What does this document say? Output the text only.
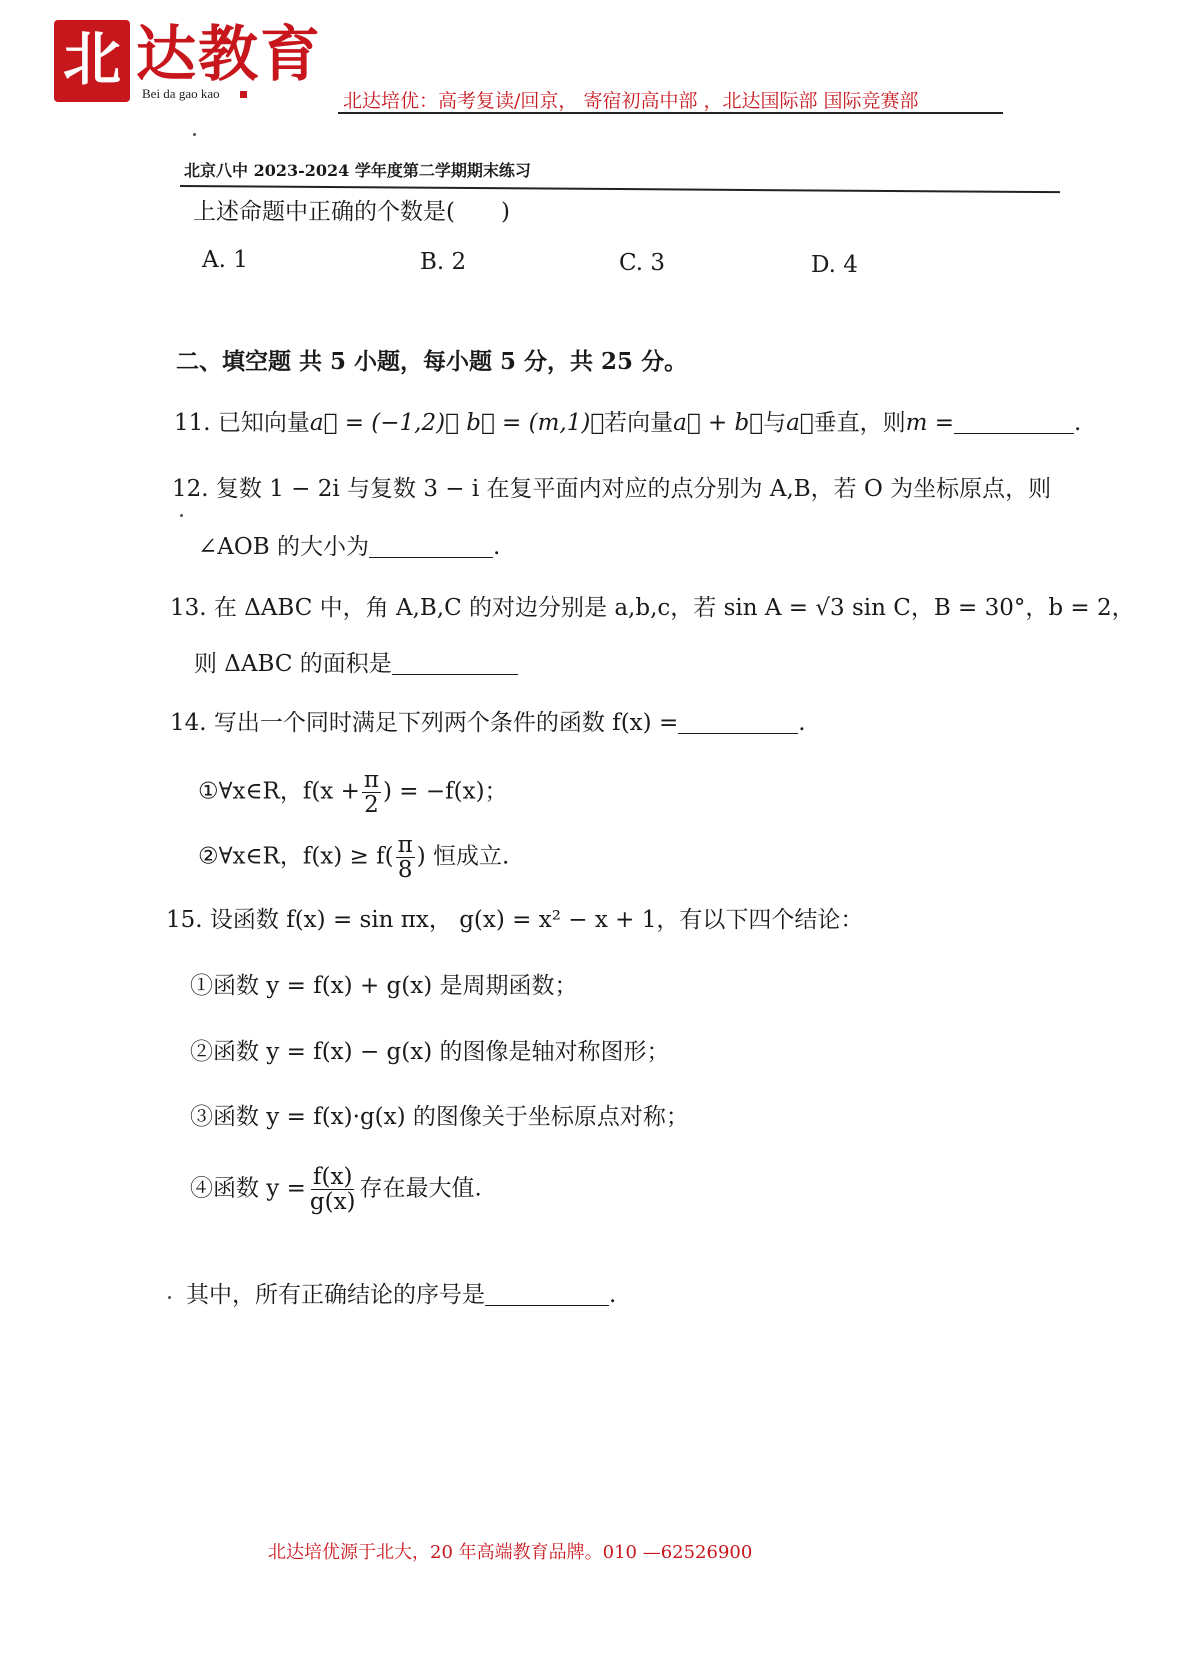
北 达教育
Bei da gao kao	北达培优：高考复读/回京， 寄宿初高中部 ，北达国际部 国际竞赛部
北京八中 2023-2024 学年度第二学期期末练习
上述命题中正确的个数是(　　)
A. 1	B. 2	C. 3	D. 4
二、填空题 共 5 小题，每小题 5 分，共 25 分。
11. 已知向量a⃗ = (−1,2)， b⃗ = (m,1)，若向量a⃗ + b⃗与a⃗垂直，则m =	.
12. 复数 1 − 2i 与复数 3 − i 在复平面内对应的点分别为 A,B，若 O 为坐标原点，则
∠AOB 的大小为	.
13. 在 ΔABC 中，角 A,B,C 的对边分别是 a,b,c，若 sin A = √3 sin C，B = 30°，b = 2，
则 ΔABC 的面积是
14. 写出一个同时满足下列两个条件的函数 f(x) =	.
①∀x∈R，$f(x + \frac{\pi}{2}$ ) = −f(x)；
②∀x∈R，$f(x) \ge f( \frac{\pi}{8}$ ) 恒成立.
15. 设函数 f(x) = sin πx， g(x) = x² − x + 1，有以下四个结论：
①函数 y = f(x) + g(x) 是周期函数；
②函数 y = f(x) − g(x) 的图像是轴对称图形；
③函数 y = f(x)·g(x) 的图像关于坐标原点对称；
④函数 $y = \frac{f(x)}{g(x)}$ 存在最大值.
其中，所有正确结论的序号是	.
北达培优源于北大，20 年高端教育品牌。010 —62526900
